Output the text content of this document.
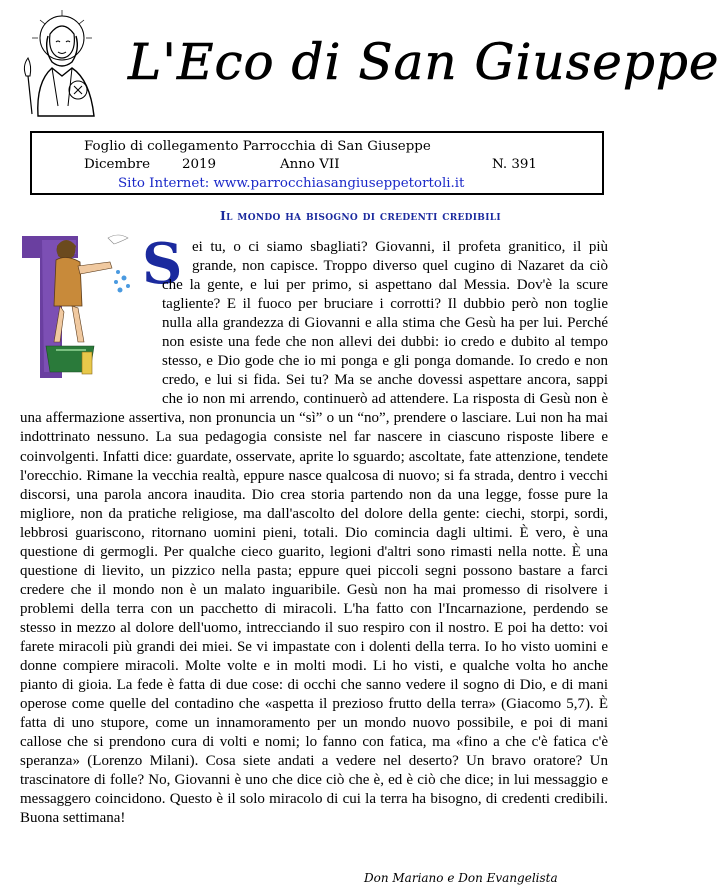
L'Eco di San Giuseppe
Foglio di collegamento Parrocchia di San Giuseppe
Dicembre 2019	Anno VII	N. 391
Sito Internet: www.parrocchiasangiuseppetortoli.it
Il mondo ha bisogno di credenti credibili
S ei tu, o ci siamo sbagliati? Giovanni, il profeta granitico, il più grande, non capisce. Troppo diverso quel cugino di Nazaret da ciò che la gente, e lui per primo, si aspettano dal Messia. Dov'è la scure tagliente? E il fuoco per bruciare i corrotti? Il dubbio però non toglie nulla alla grandezza di Giovanni e alla stima che Gesù ha per lui. Perché non esiste una fede che non allevi dei dubbi: io credo e dubito al tempo stesso, e Dio gode che io mi ponga e gli ponga domande. Io credo e non credo, e lui si fida. Sei tu? Ma se anche dovessi aspettare ancora, sappi che io non mi arrendo, continuerò ad attendere. La risposta di Gesù non è una affermazione assertiva, non pronuncia un “sì” o un “no”, prendere o lasciare. Lui non ha mai indottrinato nessuno. La sua pedagogia consiste nel far nascere in ciascuno risposte libere e coinvolgenti. Infatti dice: guardate, osservate, aprite lo sguardo; ascoltate, fate attenzione, tendete l'orecchio. Rimane la vecchia realtà, eppure nasce qualcosa di nuovo; si fa strada, dentro i vecchi discorsi, una parola ancora inaudita. Dio crea storia partendo non da una legge, fosse pure la migliore, non da pratiche religiose, ma dall'ascolto del dolore della gente: ciechi, storpi, sordi, lebbrosi guariscono, ritornano uomini pieni, totali. Dio comincia dagli ultimi. È vero, è una questione di germogli. Per qualche cieco guarito, legioni d'altri sono rimasti nella notte. È una questione di lievito, un pizzico nella pasta; eppure quei piccoli segni possono bastare a farci credere che il mondo non è un malato inguaribile. Gesù non ha mai promesso di risolvere i problemi della terra con un pacchetto di miracoli. L'ha fatto con l'Incarnazione, perdendo se stesso in mezzo al dolore dell'uomo, intrecciando il suo respiro con il nostro. E poi ha detto: voi farete miracoli più grandi dei miei. Se vi impastate con i dolenti della terra. Io ho visto uomini e donne compiere miracoli. Molte volte e in molti modi. Li ho visti, e qualche volta ho anche pianto di gioia. La fede è fatta di due cose: di occhi che sanno vedere il sogno di Dio, e di mani operose come quelle del contadino che «aspetta il prezioso frutto della terra» (Giacomo 5,7). È fatta di uno stupore, come un innamoramento per un mondo nuovo possibile, e poi di mani callose che si prendono cura di volti e nomi; lo fanno con fatica, ma «fino a che c'è fatica c'è speranza» (Lorenzo Milani). Cosa siete andati a vedere nel deserto? Un bravo oratore? Un trascinatore di folle? No, Giovanni è uno che dice ciò che è, ed è ciò che dice; in lui messaggio e messaggero coincidono. Questo è il solo miracolo di cui la terra ha bisogno, di credenti credibili. Buona settimana!
Don Mariano e Don Evangelista
